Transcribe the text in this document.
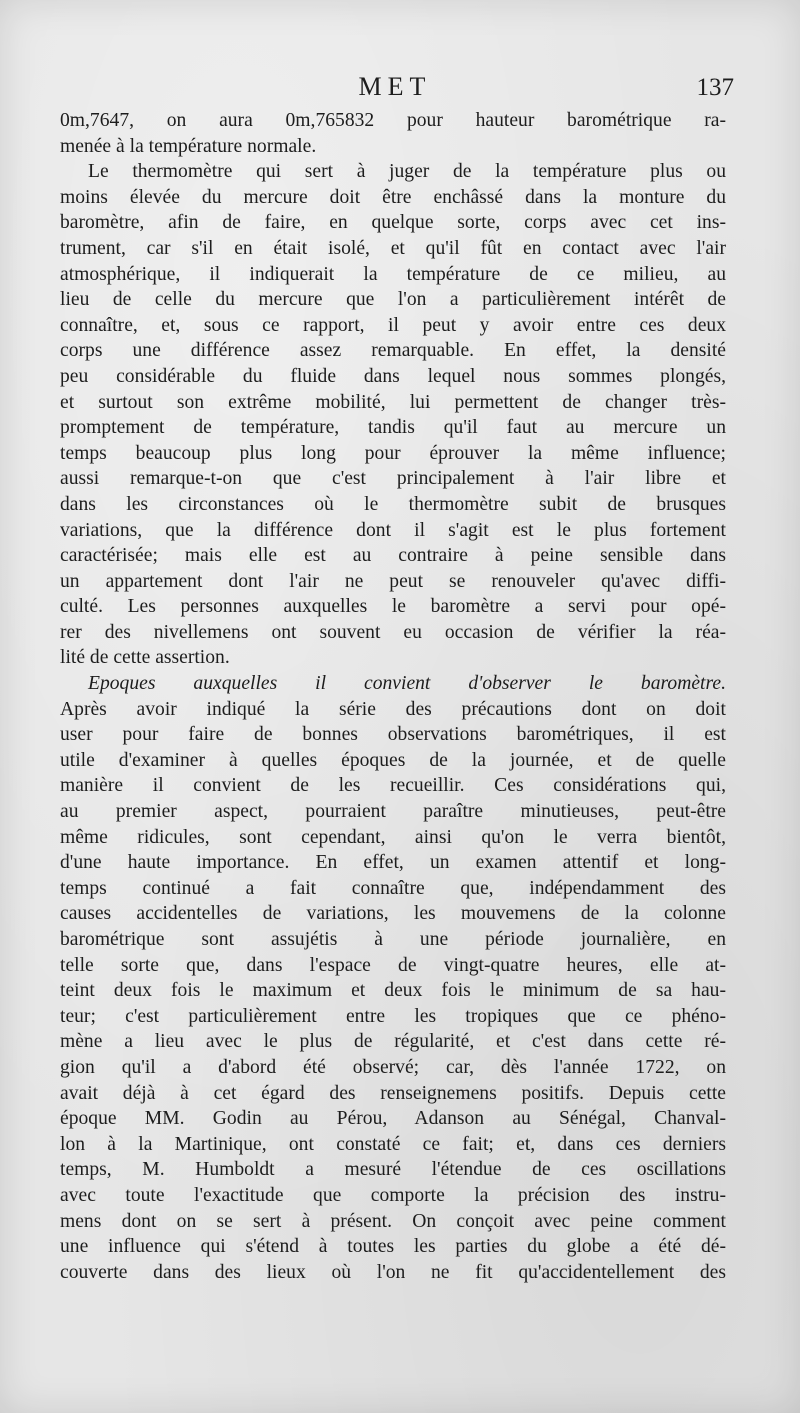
MET	137
0m,7647, on aura 0m,765832 pour hauteur barométrique ra-
menée à la température normale.
Le thermomètre qui sert à juger de la température plus ou
moins élevée du mercure doit être enchâssé dans la monture du
baromètre, afin de faire, en quelque sorte, corps avec cet ins-
trument, car s'il en était isolé, et qu'il fût en contact avec l'air
atmosphérique, il indiquerait la température de ce milieu, au
lieu de celle du mercure que l'on a particulièrement intérêt de
connaître, et, sous ce rapport, il peut y avoir entre ces deux
corps une différence assez remarquable. En effet, la densité
peu considérable du fluide dans lequel nous sommes plongés,
et surtout son extrême mobilité, lui permettent de changer très-
promptement de température, tandis qu'il faut au mercure un
temps beaucoup plus long pour éprouver la même influence;
aussi remarque-t-on que c'est principalement à l'air libre et
dans les circonstances où le thermomètre subit de brusques
variations, que la différence dont il s'agit est le plus fortement
caractérisée; mais elle est au contraire à peine sensible dans
un appartement dont l'air ne peut se renouveler qu'avec diffi-
culté. Les personnes auxquelles le baromètre a servi pour opé-
rer des nivellemens ont souvent eu occasion de vérifier la réa-
lité de cette assertion.
Epoques auxquelles il convient d'observer le baromètre.
Après avoir indiqué la série des précautions dont on doit
user pour faire de bonnes observations barométriques, il est
utile d'examiner à quelles époques de la journée, et de quelle
manière il convient de les recueillir. Ces considérations qui,
au premier aspect, pourraient paraître minutieuses, peut-être
même ridicules, sont cependant, ainsi qu'on le verra bientôt,
d'une haute importance. En effet, un examen attentif et long-
temps continué a fait connaître que, indépendamment des
causes accidentelles de variations, les mouvemens de la colonne
barométrique sont assujétis à une période journalière, en
telle sorte que, dans l'espace de vingt-quatre heures, elle at-
teint deux fois le maximum et deux fois le minimum de sa hau-
teur; c'est particulièrement entre les tropiques que ce phéno-
mène a lieu avec le plus de régularité, et c'est dans cette ré-
gion qu'il a d'abord été observé; car, dès l'année 1722, on
avait déjà à cet égard des renseignemens positifs. Depuis cette
époque MM. Godin au Pérou, Adanson au Sénégal, Chanval-
lon à la Martinique, ont constaté ce fait; et, dans ces derniers
temps, M. Humboldt a mesuré l'étendue de ces oscillations
avec toute l'exactitude que comporte la précision des instru-
mens dont on se sert à présent. On conçoit avec peine comment
une influence qui s'étend à toutes les parties du globe a été dé-
couverte dans des lieux où l'on ne fit qu'accidentellement des
